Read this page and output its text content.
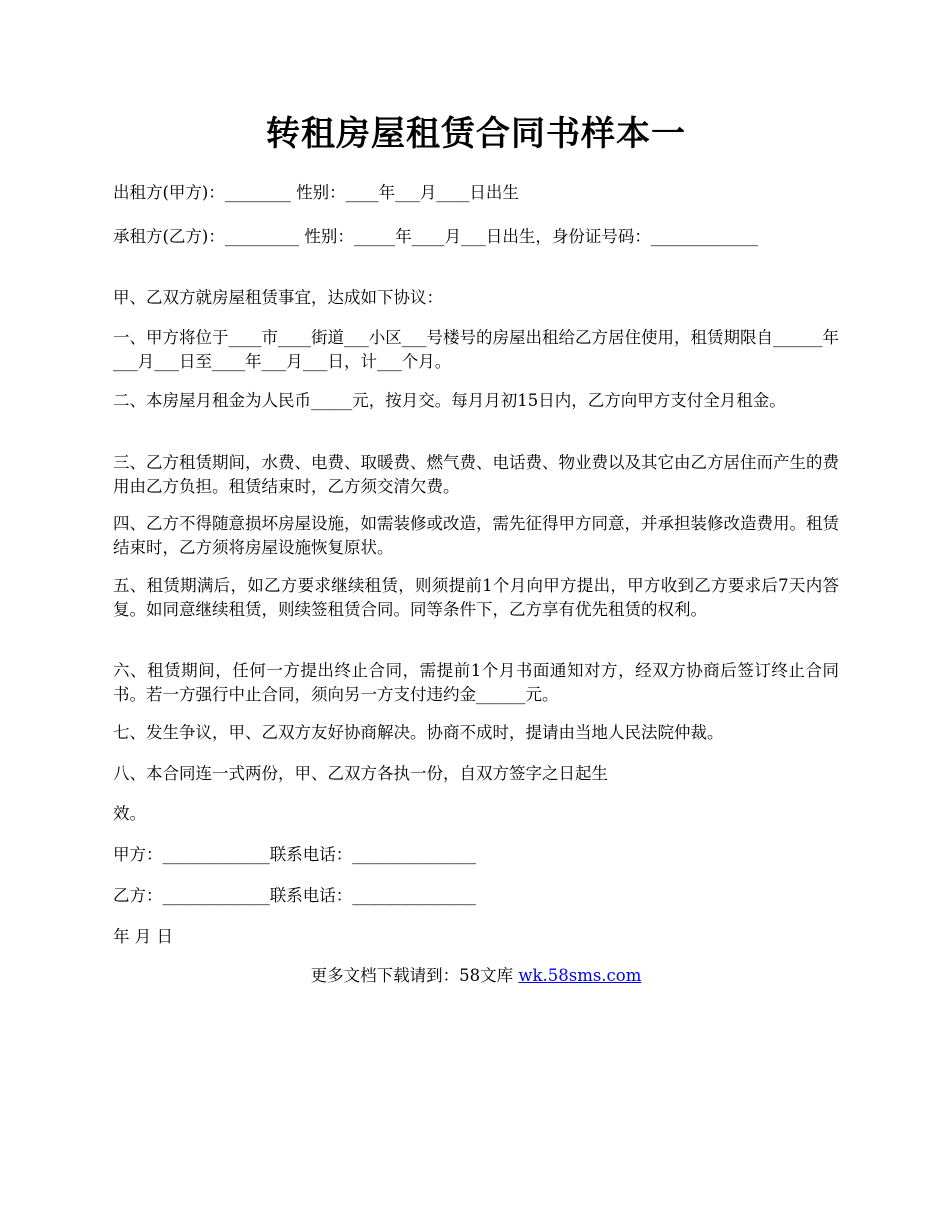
转租房屋租赁合同书样本一
出租方(甲方)：________ 性别：____年___月____日出生
承租方(乙方)：_________ 性别：_____年____月___日出生，身份证号码：_____________
甲、乙双方就房屋租赁事宜，达成如下协议：
一、甲方将位于____市____街道___小区___号楼号的房屋出租给乙方居住使用，租赁期限自______年___月___日至____年___月___日，计___个月。
二、本房屋月租金为人民币_____元，按月交。每月月初15日内，乙方向甲方支付全月租金。
三、乙方租赁期间，水费、电费、取暖费、燃气费、电话费、物业费以及其它由乙方居住而产生的费用由乙方负担。租赁结束时，乙方须交清欠费。
四、乙方不得随意损坏房屋设施，如需装修或改造，需先征得甲方同意，并承担装修改造费用。租赁结束时，乙方须将房屋设施恢复原状。
五、租赁期满后，如乙方要求继续租赁，则须提前1个月向甲方提出，甲方收到乙方要求后7天内答复。如同意继续租赁，则续签租赁合同。同等条件下，乙方享有优先租赁的权利。
六、租赁期间，任何一方提出终止合同，需提前1个月书面通知对方，经双方协商后签订终止合同书。若一方强行中止合同，须向另一方支付违约金______元。
七、发生争议，甲、乙双方友好协商解决。协商不成时，提请由当地人民法院仲裁。
八、本合同连一式两份，甲、乙双方各执一份，自双方签字之日起生
效。
甲方：_____________联系电话：_______________
乙方：_____________联系电话：_______________
年 月 日
更多文档下载请到：58文库 wk.58sms.com
